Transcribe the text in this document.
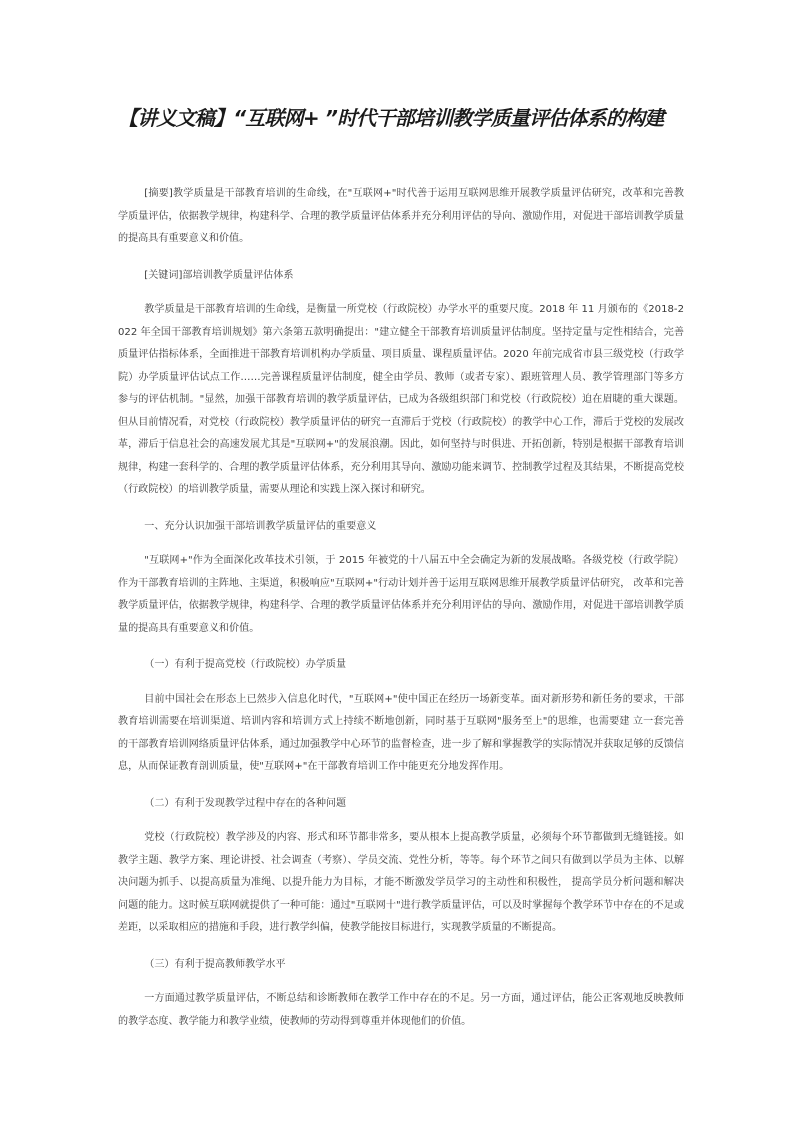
【讲义文稿】“互联网+ ”时代干部培训教学质量评估体系的构建

[摘要]教学质量是干部教育培训的生命线，在"互联网+"时代善于运用互联网思维开展教学质量评估研究，改革和完善教学质量评估，依据教学规律，构建科学、合理的教学质量评估体系并充分利用评估的导向、激励作用，对促进干部培训教学质量的提高具有重要意义和价值。

[关键词]部培训教学质量评估体系

教学质量是干部教育培训的生命线，是衡量一所党校（行政院校）办学水平的重要尺度。2018 年 11 月颁布的《2018-2022 年全国干部教育培训规划》第六条第五款明确提出："建立健全干部教育培训质量评估制度。坚持定量与定性相结合，完善质量评估指标体系，全面推进干部教育培训机构办学质量、项目质量、课程质量评估。2020 年前完成省市县三级党校（行政学院）办学质量评估试点工作……完善课程质量评估制度，健全由学员、教师（或者专家）、跟班管理人员、教学管理部门等多方参与的评估机制。"显然，加强干部教育培训的教学质量评估，已成为各级组织部门和党校（行政院校）迫在眉睫的重大课题。但从目前情况看，对党校（行政院校）教学质量评估的研究一直滞后于党校（行政院校）的教学中心工作，滞后于党校的发展改革，滞后于信息社会的高速发展尤其是"互联网+"的发展浪潮。因此，如何坚持与时俱进、开拓创新，特别是根据干部教育培训规律，构建一套科学的、合理的教学质量评估体系，充分利用其导向、激励功能来调节、控制教学过程及其结果，不断提高党校（行政院校）的培训教学质量，需要从理论和实践上深入探讨和研究。

一、充分认识加强干部培训教学质量评估的重要意义

"互联网+"作为全面深化改革技术引领，于 2015 年被党的十八届五中全会确定为新的发展战略。各级党校（行政学院）作为干部教育培训的主阵地、主渠道，积极响应"互联网+"行动计划并善于运用互联网思维开展教学质量评估研究， 改革和完善教学质量评估，依据教学规律，构建科学、合理的教学质量评估体系并充分利用评估的导向、激励作用，对促进干部培训教学质量的提高具有重要意义和价值。

（一）有利于提高党校（行政院校）办学质量

目前中国社会在形态上已然步入信息化时代，"互联网+"使中国正在经历一场新变革。面对新形势和新任务的要求，干部教育培训需要在培训渠道、培训内容和培训方式上持续不断地创新，同时基于互联网"服务至上"的思维，也需要建 立一套完善的干部教育培训网络质量评估体系，通过加强教学中心环节的监督检查，进一步了解和掌握教学的实际情况并获取足够的反馈信息，从而保证教育剖训质量，使"互联网+"在干部教育培训工作中能更充分地发挥作用。

（二）有利于发现教学过程中存在的各种问题

党校（行政院校）教学涉及的内容、形式和环节都非常多，要从根本上提高教学质量，必须每个环节都做到无缝链接。如教学主题、教学方案、理论讲授、社会调查（考察）、学员交流、党性分析，等等。每个环节之间只有做到以学员为主体、以解决问题为抓手、以提高质量为准绳、以提升能力为目标，才能不断激发学员学习的主动性和积极性， 提高学员分析问题和解决问题的能力。这时候互联网就提供了一种可能：通过"互联网十"进行教学质量评估，可以及时掌握每个教学环节中存在的不足或差距，以采取相应的措施和手段，进行教学纠偏，使教学能按目标进行，实现教学质量的不断提高。

（三）有利于提高教师教学水平

一方面通过教学质量评估，不断总结和诊断教师在教学工作中存在的不足。另一方面，通过评估，能公正客观地反映教师的教学态度、教学能力和教学业绩，使教师的劳动得到尊重并体现他们的价值。
